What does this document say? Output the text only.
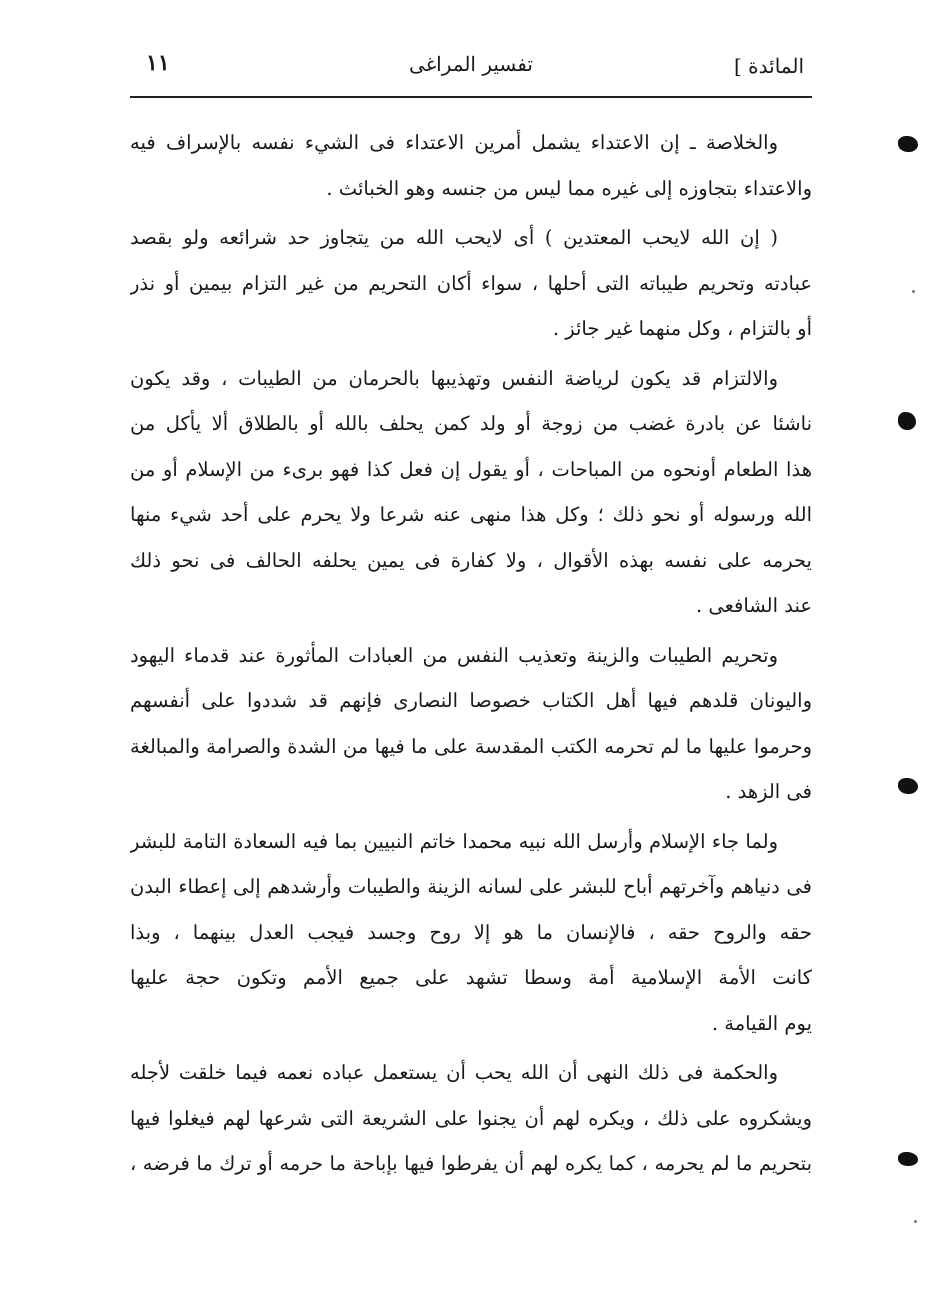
المائدة ]
تفسير المراغى
١١
والخلاصة ـ إن الاعتداء يشمل أمرين الاعتداء فى الشيء نفسه بالإسراف فيه
والاعتداء بتجاوزه إلى غيره مما ليس من جنسه وهو الخبائث .
( إن الله لايحب المعتدين ) أى لايحب الله من يتجاوز حد شرائعه ولو بقصد
عبادته وتحريم طيباته التى أحلها ، سواء أكان التحريم من غير التزام بيمين أو نذر
أو بالتزام ، وكل منهما غير جائز .
والالتزام قد يكون لرياضة النفس وتهذيبها بالحرمان من الطيبات ، وقد يكون
ناشئا عن بادرة غضب من زوجة أو ولد كمن يحلف بالله أو بالطلاق ألا يأكل من
هذا الطعام أونحوه من المباحات ، أو يقول إن فعل كذا فهو برىء من الإسلام أو من
الله ورسوله أو نحو ذلك ؛ وكل هذا منهى عنه شرعا ولا يحرم على أحد شيء منها
يحرمه على نفسه بهذه الأقوال ، ولا كفارة فى يمين يحلفه الحالف فى نحو ذلك
عند الشافعى .
وتحريم الطيبات والزينة وتعذيب النفس من العبادات المأثورة عند قدماء اليهود
واليونان قلدهم فيها أهل الكتاب خصوصا النصارى فإنهم قد شددوا على أنفسهم
وحرموا عليها ما لم تحرمه الكتب المقدسة على ما فيها من الشدة والصرامة والمبالغة
فى الزهد .
ولما جاء الإسلام وأرسل الله نبيه محمدا خاتم النبيين بما فيه السعادة التامة للبشر
فى دنياهم وآخرتهم أباح للبشر على لسانه الزينة والطيبات وأرشدهم إلى إعطاء البدن
حقه والروح حقه ، فالإنسان ما هو إلا روح وجسد فيجب العدل بينهما ، وبذا
كانت الأمة الإسلامية أمة وسطا تشهد على جميع الأمم وتكون حجة عليها
يوم القيامة .
والحكمة فى ذلك النهى أن الله يحب أن يستعمل عباده نعمه فيما خلقت لأجله
ويشكروه على ذلك ، ويكره لهم أن يجنوا على الشريعة التى شرعها لهم فيغلوا فيها
بتحريم ما لم يحرمه ، كما يكره لهم أن يفرطوا فيها بإباحة ما حرمه أو ترك ما فرضه ،
